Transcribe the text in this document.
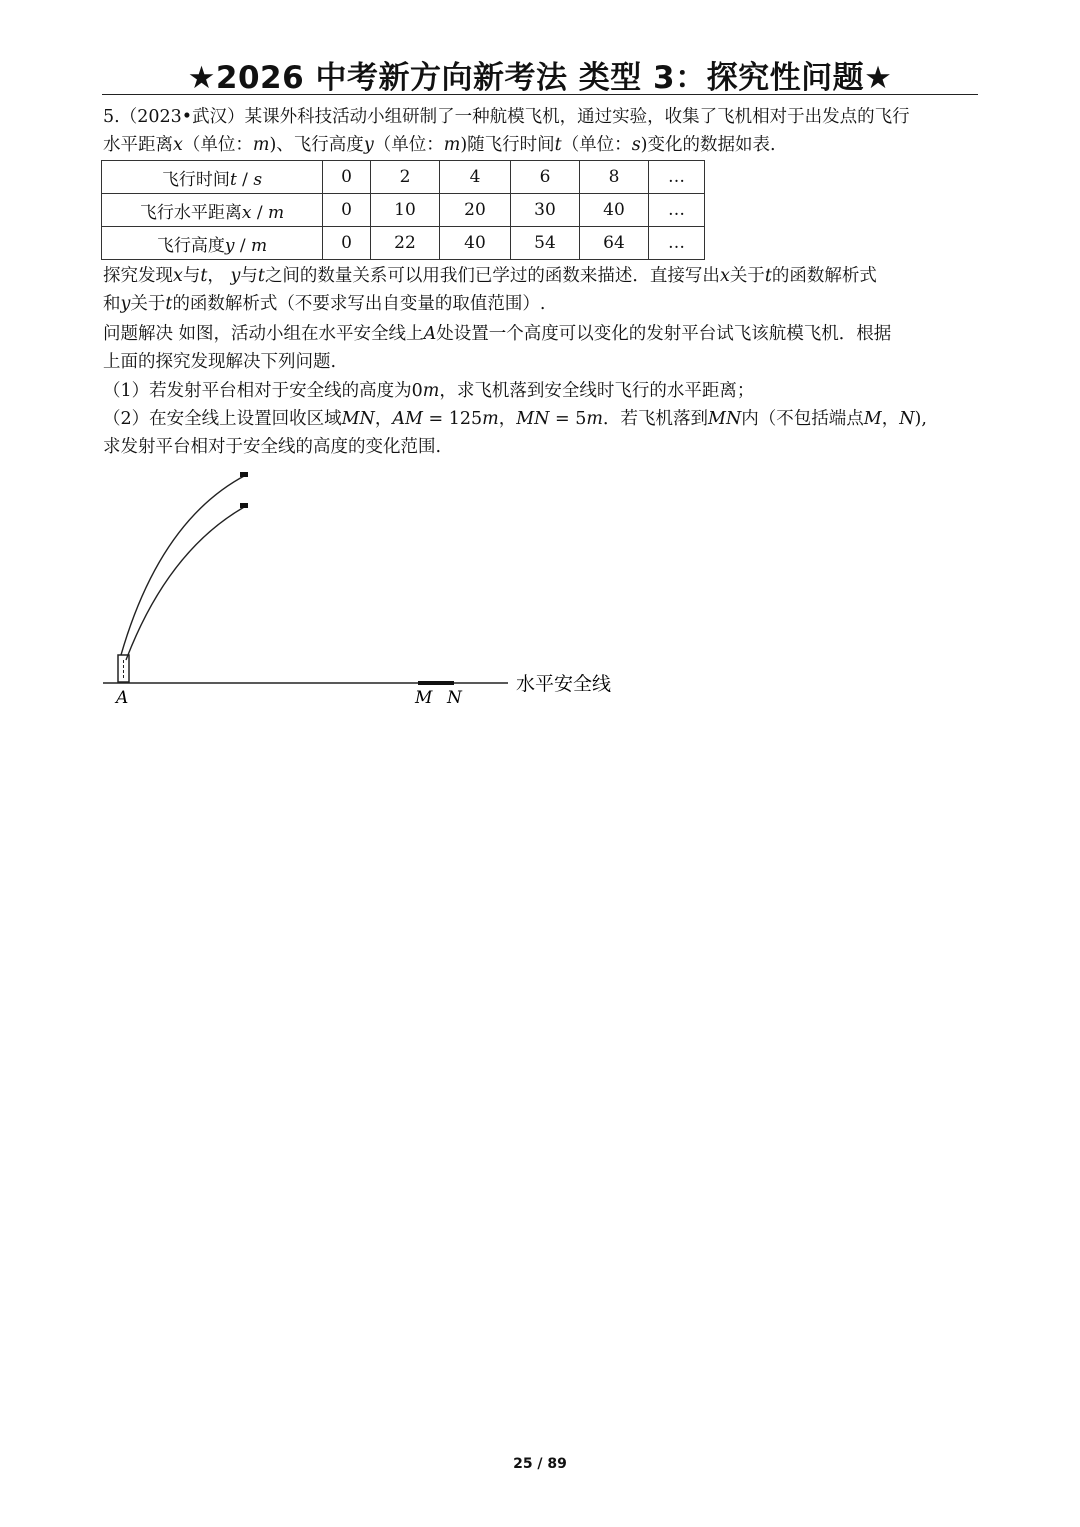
★2026 中考新方向新考法 类型 3：探究性问题★
5.（2023•武汉）某课外科技活动小组研制了一种航模飞机，通过实验，收集了飞机相对于出发点的飞行
水平距离x（单位：m)、飞行高度y（单位：m)随飞行时间t（单位：s)变化的数据如表.
飞行时间t / s	0	2	4	6	8	…
飞行水平距离x / m	0	10	20	30	40	…
飞行高度y / m	0	22	40	54	64	…
探究发现x与t， y与t之间的数量关系可以用我们已学过的函数来描述．直接写出x关于t的函数解析式
和y关于t的函数解析式（不要求写出自变量的取值范围）.
问题解决 如图，活动小组在水平安全线上A处设置一个高度可以变化的发射平台试飞该航模飞机．根据
上面的探究发现解决下列问题.
（1）若发射平台相对于安全线的高度为0m，求飞机落到安全线时飞行的水平距离；
（2）在安全线上设置回收区域MN，AM = 125m，MN = 5m．若飞机落到MN内（不包括端点M，N),
求发射平台相对于安全线的高度的变化范围.
A	M N
水平安全线
25 / 89
